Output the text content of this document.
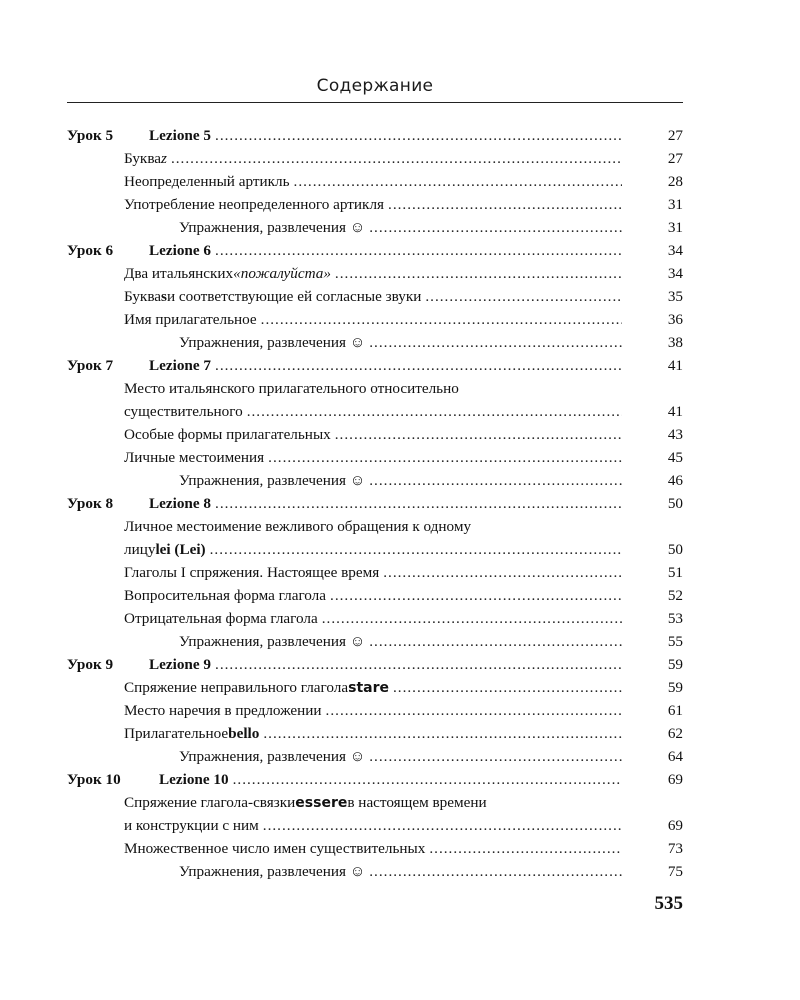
Содержание
Урок 5	Lezione 5 .....	27
Буква z .....	27
Неопределенный артикль .....	28
Употребление неопределенного артикля .....	31
Упражнения, развлечения ☺ .....	31
Урок 6	Lezione 6 .....	34
Два итальянских «пожалуйста» .....	34
Буква s и соответствующие ей согласные звуки .....	35
Имя прилагательное .....	36
Упражнения, развлечения ☺ .....	38
Урок 7	Lezione 7 .....	41
Место итальянского прилагательного относительно
существительного .....	41
Особые формы прилагательных .....	43
Личные местоимения .....	45
Упражнения, развлечения ☺ .....	46
Урок 8	Lezione 8 .....	50
Личное местоимение вежливого обращения к одному
лицу lei (Lei) .....	50
Глаголы I спряжения. Настоящее время .....	51
Вопросительная форма глагола .....	52
Отрицательная форма глагола .....	53
Упражнения, развлечения ☺ .....	55
Урок 9	Lezione 9 .....	59
Спряжение неправильного глагола stare .....	59
Место наречия в предложении .....	61
Прилагательное bello .....	62
Упражнения, развлечения ☺ .....	64
Урок 10	Lezione 10 .....	69
Спряжение глагола-связки essere в настоящем времени
и конструкции с ним .....	69
Множественное число имен существительных .....	73
Упражнения, развлечения ☺ .....	75
535
